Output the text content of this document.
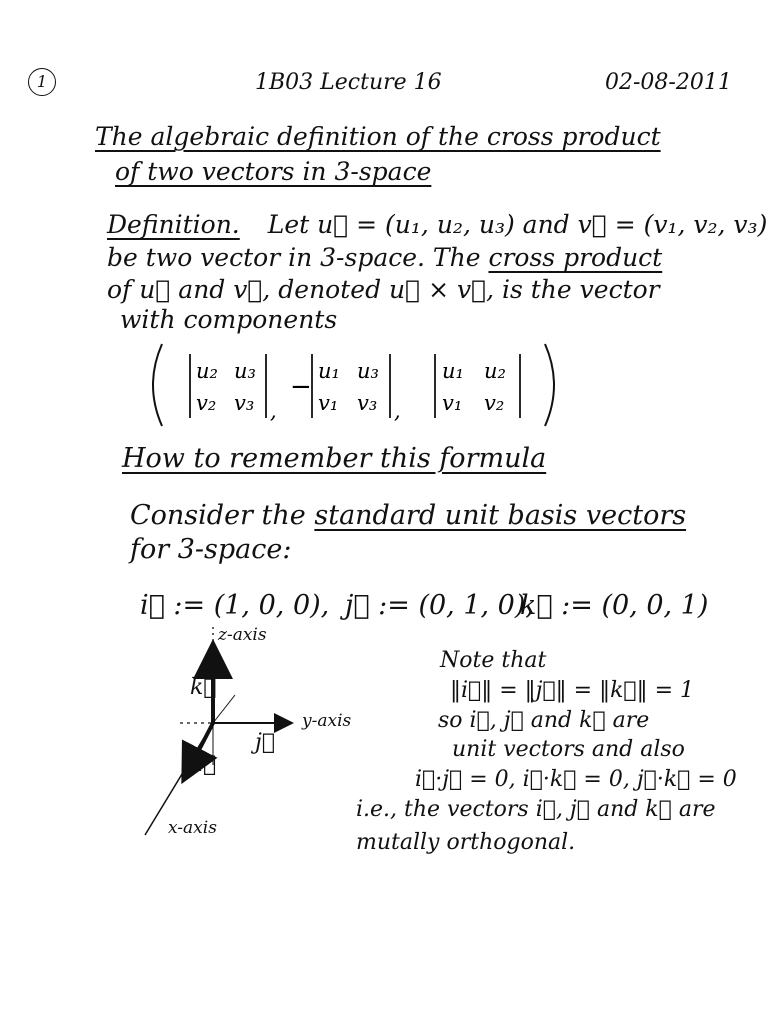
1	1B03 Lecture 16	02-08-2011
The algebraic definition of the cross product
of two vectors in 3-space
Definition. Let u⃗ = (u₁, u₂, u₃) and v⃗ = (v₁, v₂, v₃)
be two vector in 3-space. The cross product
of u⃗ and v⃗, denoted u⃗ × v⃗, is the vector
with components
u₂ u₃
v₂ v₃ ,
−
u₁ u₃
v₁ v₃ ,
u₁ u₂
v₁ v₂
How to remember this formula
Consider the standard unit basis vectors
for 3-space:
i⃗ := (1, 0, 0), j⃗ := (0, 1, 0),
k⃗ := (0, 0, 1)
z-axis
y-axis
x-axis
k⃗
j⃗
i⃗
Note that
‖i⃗‖ = ‖j⃗‖ = ‖k⃗‖ = 1
so i⃗, j⃗ and k⃗ are
unit vectors and also
i⃗·j⃗ = 0, i⃗·k⃗ = 0, j⃗·k⃗ = 0
i.e., the vectors i⃗, j⃗ and k⃗ are
mutally orthogonal.
